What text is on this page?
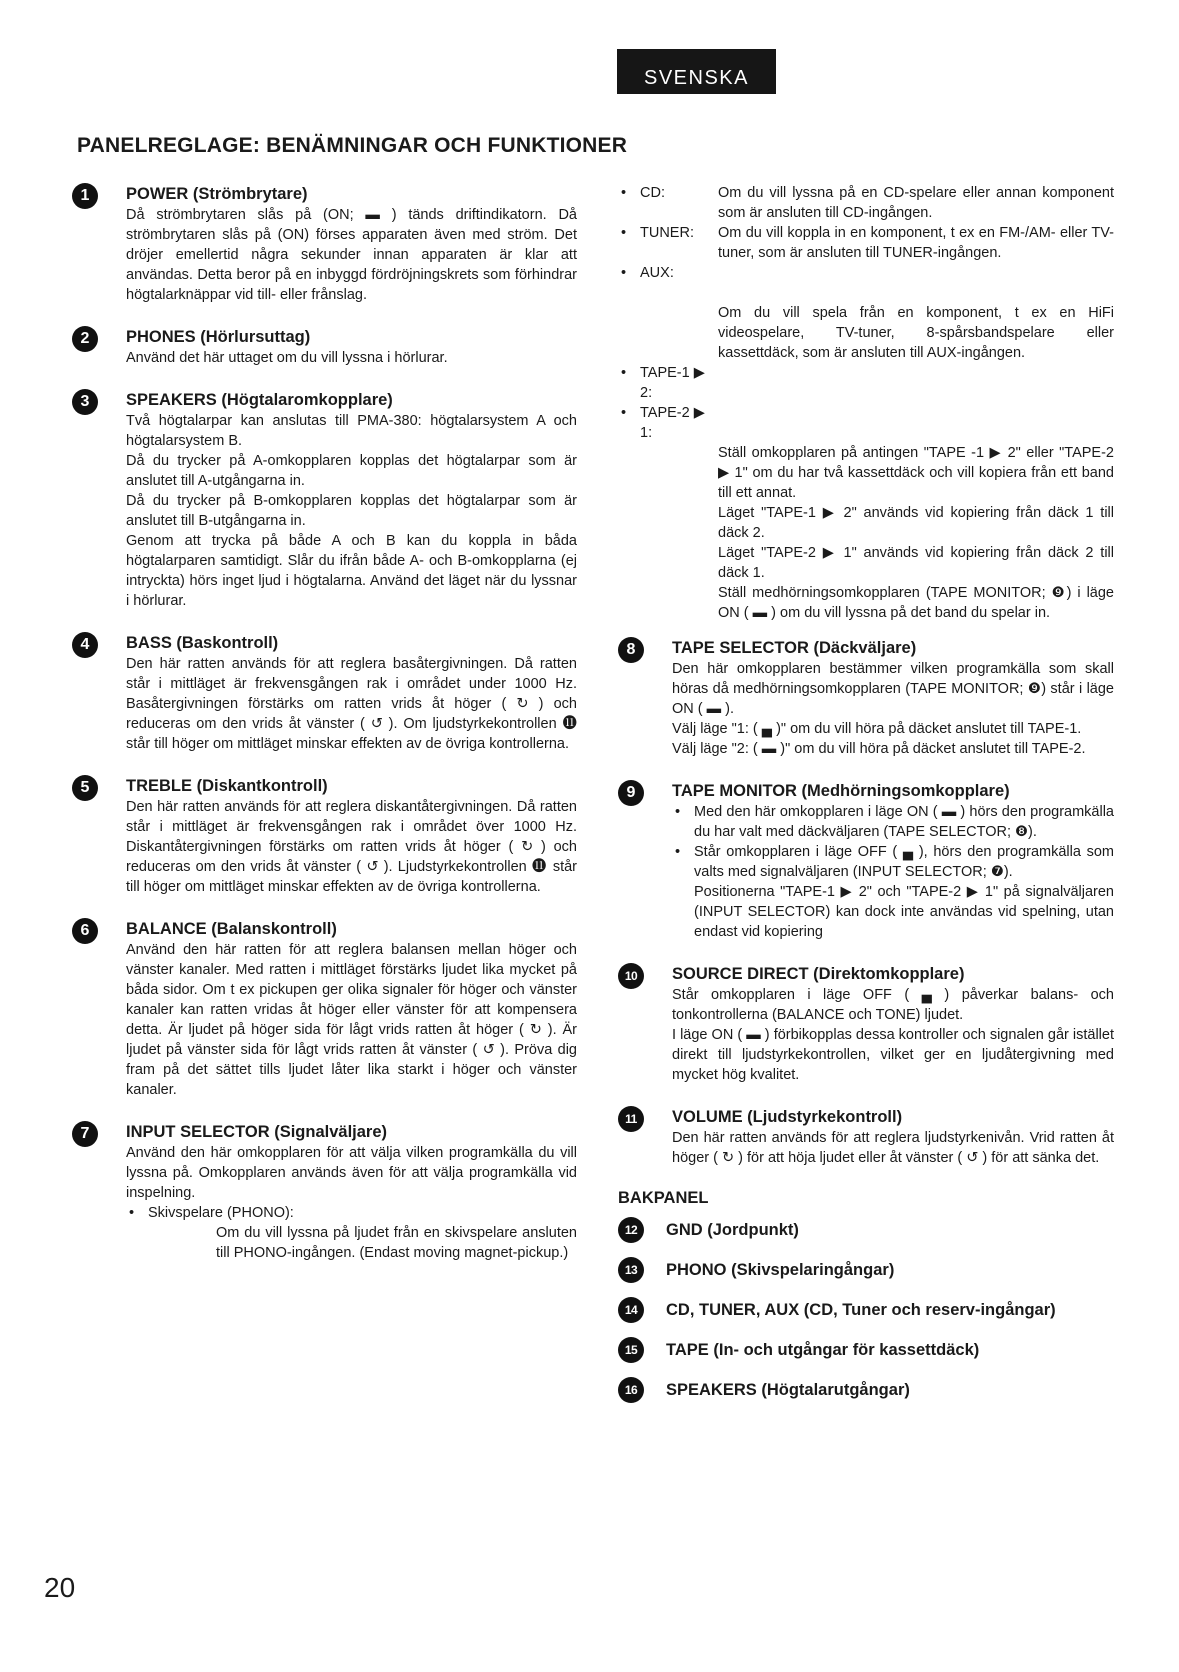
SVENSKA
PANELREGLAGE: BENÄMNINGAR OCH FUNKTIONER
1	POWER (Strömbrytare)

Då strömbrytaren slås på (ON; ▬ ) tänds driftindikatorn. Då strömbrytaren slås på (ON) förses apparaten även med ström. Det dröjer emellertid några sekunder innan apparaten är klar att användas. Detta beror på en inbyggd fördröjningskrets som förhindrar högtalarknäppar vid till- eller frånslag.

2	PHONES (Hörlursuttag)

Använd det här uttaget om du vill lyssna i hörlurar.

3	SPEAKERS (Högtalaromkopplare)

Två högtalarpar kan anslutas till PMA-380: högtalarsystem A och högtalarsystem B.

Då du trycker på A-omkopplaren kopplas det högtalarpar som är anslutet till A-utgångarna in.

Då du trycker på B-omkopplaren kopplas det högtalarpar som är anslutet till B-utgångarna in.

Genom att trycka på både A och B kan du koppla in båda högtalarparen samtidigt. Slår du ifrån både A- och B-omkopplarna (ej intryckta) hörs inget ljud i högtalarna. Använd det läget när du lyssnar i hörlurar.

4	BASS (Baskontroll)

Den här ratten används för att reglera basåtergivningen. Då ratten står i mittläget är frekvensgången rak i området under 1000 Hz. Basåtergivningen förstärks om ratten vrids åt höger ( ↻ ) och reduceras om den vrids åt vänster ( ↺ ). Om ljudstyrkekontrollen ⓫ står till höger om mittläget minskar effekten av de övriga kontrollerna.

5	TREBLE (Diskantkontroll)

Den här ratten används för att reglera diskantåtergivningen. Då ratten står i mittläget är frekvensgången rak i området över 1000 Hz. Diskantåtergivningen förstärks om ratten vrids åt höger ( ↻ ) och reduceras om den vrids åt vänster ( ↺ ). Ljudstyrkekontrollen ⓫ står till höger om mittläget minskar effekten av de övriga kontrollerna.

6	BALANCE (Balanskontroll)

Använd den här ratten för att reglera balansen mellan höger och vänster kanaler. Med ratten i mittläget förstärks ljudet lika mycket på båda sidor. Om t ex pickupen ger olika signaler för höger och vänster kanaler kan ratten vridas åt höger eller vänster för att kompensera detta. Är ljudet på höger sida för lågt vrids ratten åt höger ( ↻ ). Är ljudet på vänster sida för lågt vrids ratten åt vänster ( ↺ ). Pröva dig fram på det sättet tills ljudet låter lika starkt i höger och vänster kanaler.

7	INPUT SELECTOR (Signalväljare)

Använd den här omkopplaren för att välja vilken programkälla du vill lyssna på. Omkopplaren används även för att välja programkälla vid inspelning.

• Skivspelare (PHONO):
Om du vill lyssna på ljudet från en skivspelare ansluten till PHONO-ingången. (Endast moving magnet-pickup.)
• CD:	Om du vill lyssna på en CD-spelare eller annan komponent som är ansluten till CD-ingången.
• TUNER:	Om du vill koppla in en komponent, t ex en FM-/AM- eller TV-tuner, som är ansluten till TUNER-ingången.
• AUX:
Om du vill spela från en komponent, t ex en HiFi videospelare, TV-tuner, 8-spårsbandspelare eller kassettdäck, som är ansluten till AUX-ingången.
• TAPE-1 ▶ 2:
• TAPE-2 ▶ 1:
Ställ omkopplaren på antingen "TAPE -1 ▶ 2" eller "TAPE-2 ▶ 1" om du har två kassettdäck och vill kopiera från ett band till ett annat.
Läget "TAPE-1 ▶ 2" används vid kopiering från däck 1 till däck 2.
Läget "TAPE-2 ▶ 1" används vid kopiering från däck 2 till däck 1.
Ställ medhörningsomkopplaren (TAPE MONITOR; ❾) i läge ON ( ▬ ) om du vill lyssna på det band du spelar in.
8	TAPE SELECTOR (Däckväljare)

Den här omkopplaren bestämmer vilken programkälla som skall höras då medhörningsomkopplaren (TAPE MONITOR; ❾) står i läge ON ( ▬ ).

Välj läge "1: ( ▄ )" om du vill höra på däcket anslutet till TAPE-1.

Välj läge "2: ( ▬ )" om du vill höra på däcket anslutet till TAPE-2.

9	TAPE MONITOR (Medhörningsomkopplare)
• Med den här omkopplaren i läge ON ( ▬ ) hörs den programkälla du har valt med däckväljaren (TAPE SELECTOR; ❽).
• Står omkopplaren i läge OFF ( ▄ ), hörs den programkälla som valts med signalväljaren (INPUT SELECTOR; ❼).
Positionerna "TAPE-1 ▶ 2" och "TAPE-2 ▶ 1" på signalväljaren (INPUT SELECTOR) kan dock inte användas vid spelning, utan endast vid kopiering
10	SOURCE DIRECT (Direktomkopplare)

Står omkopplaren i läge OFF ( ▄ ) påverkar balans- och tonkontrollerna (BALANCE och TONE) ljudet.

I läge ON ( ▬ ) förbikopplas dessa kontroller och signalen går istället direkt till ljudstyrkekontrollen, vilket ger en ljudåtergivning med mycket hög kvalitet.

11	VOLUME (Ljudstyrkekontroll)

Den här ratten används för att reglera ljudstyrkenivån. Vrid ratten åt höger ( ↻ ) för att höja ljudet eller åt vänster ( ↺ ) för att sänka det.

BAKPANEL
12	GND (Jordpunkt)
13	PHONO (Skivspelaringångar)
14	CD, TUNER, AUX (CD, Tuner och reserv-ingångar)
15	TAPE (In- och utgångar för kassettdäck)
16	SPEAKERS (Högtalarutgångar)
20
